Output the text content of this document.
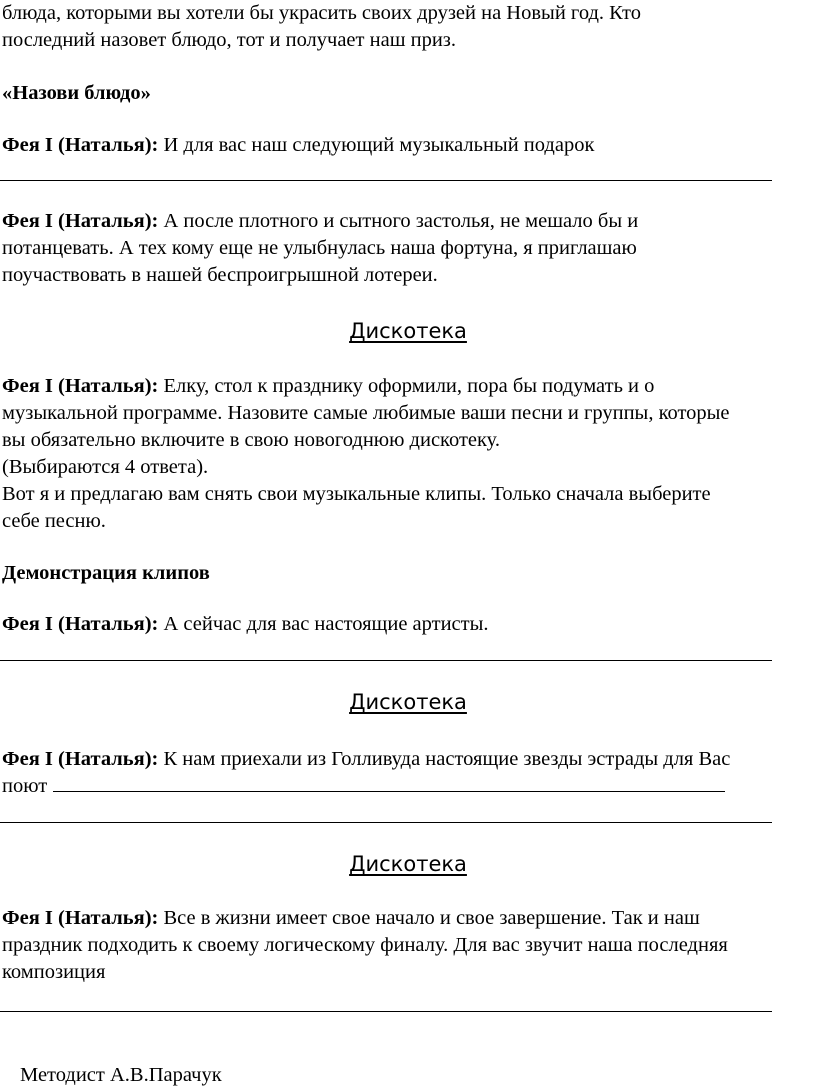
блюда, которыми вы хотели бы украсить своих друзей на Новый год. Кто
последний назовет блюдо, тот и получает наш приз.
«Назови блюдо»
Фея I (Наталья): И для вас наш следующий музыкальный подарок
Фея I (Наталья): А после плотного и сытного застолья, не мешало бы и
потанцевать. А тех кому еще не улыбнулась наша фортуна, я приглашаю
поучаствовать в нашей беспроигрышной лотереи.
Дискотека
Фея I (Наталья): Елку, стол к празднику оформили, пора бы подумать и о
музыкальной программе. Назовите самые любимые ваши песни и группы, которые
вы обязательно включите в свою новогоднюю дискотеку.
(Выбираются 4 ответа).
Вот я и предлагаю вам снять свои музыкальные клипы. Только сначала выберите
себе песню.
Демонстрация клипов
Фея I (Наталья): А сейчас для вас настоящие артисты.
Дискотека
Фея I (Наталья): К нам приехали из Голливуда настоящие звезды эстрады для Вас
поют
Дискотека
Фея I (Наталья): Все в жизни имеет свое начало и свое завершение. Так и наш
праздник подходить к своему логическому финалу. Для вас звучит наша последняя
композиция
Методист А.В.Парачук
